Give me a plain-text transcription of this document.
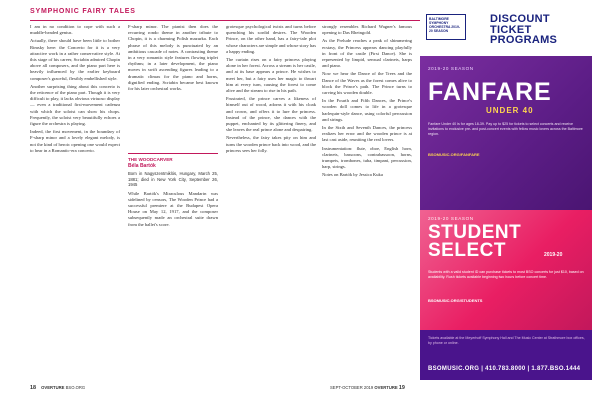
SYMPHONIC FAIRY TALES

I am in no condition to cope with such a muddle-headed genius.

Actually, there should have been little to bother Rimsky here: the Concerto for it is a very attractive work in a rather conservative style. At this stage of his career, Scriabin admired Chopin above all composers, and the piano part here is heavily influenced by the earlier keyboard composer's graceful, flexibly embellished style.

Another surprising thing about this concerto is the reticence of the piano part. Though it is very difficult to play, it lacks obvious virtuoso display — even a traditional first-movement cadenza with which the soloist can show his chops. Frequently, the soloist very beautifully echoes a figure the orchestra is playing.

Indeed, the first movement, in the boundary of F-sharp minor and a lovely elegant melody, is not the kind of heroic opening one would expect to hear in a Romantic-era concerto.

F-sharp minor. The pianist then does the recurring rondo theme in another tribute to Chopin, it is a charming Polish mazurka. Each phrase of this melody is punctuated by an ambitious cascade of notes. A contrasting theme in a very romantic style features flowing triplet rhythms; in a later development, the piano moves in swift ascending figures leading to a dramatic climax for the piano and horns, dignified ending. Scriabin became best known for his later orchestral works.

THE WOODCARVER
Béla Bartók
Born in Nagyszentmiklós, Hungary, March 25, 1881; died in New York City, September 26, 1945

While Bartók's Miraculous Mandarin was sidelined by censors, The Wooden Prince had a successful premiere at the Budapest Opera House on May 12, 1917, and the composer subsequently made an orchestral suite drawn from the ballet's score.

grotesque psychological twists and turns before quenching his sordid desires. The Wooden Prince, on the other hand, has a fairy-tale plot whose characters are simple and whose story has a happy ending.

The curtain rises on a fairy princess playing alone in her forest. Across a stream is her castle, and at its base appears a prince. He wishes to meet her, but a fairy uses her magic to thwart him at every turn, causing the forest to come alive and the stream to rise in his path.

Frustrated, the prince carves a likeness of himself out of wood, adorns it with his cloak and crown, and offers it to lure the princess. Instead of the prince, she dances with the puppet, enchanted by its glittering finery, and she leaves the real prince alone and despairing.

Nevertheless, the fairy takes pity on him and turns the wooden prince back into wood, and the princess sees her folly.

strongly resembles Richard Wagner's famous opening to Das Rheingold.

As the Prelude reaches a peak of shimmering ecstasy, the Princess appears dancing playfully in front of the castle (First Dance). She is represented by limpid, sensual clarinets, harps and piano.

Now we hear the Dance of the Trees and the Dance of the Waves as the forest comes alive to block the Prince's path. The Prince turns to carving his wooden double.

In the Fourth and Fifth Dances, the Prince's wooden doll comes to life in a grotesque harlequin-style dance, using colorful percussion and strings.

In the Sixth and Seventh Dances, the princess realizes her error and the wooden prince is at last cast aside, reuniting the real lovers.

Instrumentation: flute, oboe, English horn, clarinets, bassoons, contrabassoon, horns, trumpets, trombones, tuba, timpani, percussion, harp, strings.

Notes on Bartók by Jessica Kuka

18 OVERTURE BSO.ORG	SEPT-OCTOBER 2019 OVERTURE 19
BALTIMORE SYMPHONY ORCHESTRA 2019-20 SEASON
DISCOUNT TICKET PROGRAMS
2019-20 SEASON
FANFARE
UNDER 40
Fanfare Under 40 is for ages 18-39. Pay up to $25 for tickets to select concerts and receive invitations to exclusive pre- and post-concert events with fellow music lovers across the Baltimore region.
BSOMUSIC.ORG/FANFARE
2019-20 SEASON
STUDENT SELECT	2019-20
Students with a valid student ID can purchase tickets to most BSO concerts for just $10, based on availability. Rush tickets available beginning two hours before concert time.
BSOMUSIC.ORG/STUDENTS
Tickets available at the Meyerhoff Symphony Hall and The Music Center at Strathmore box offices, by phone or online.
BSOMUSIC.ORG | 410.783.8000 | 1.877.BSO.1444
